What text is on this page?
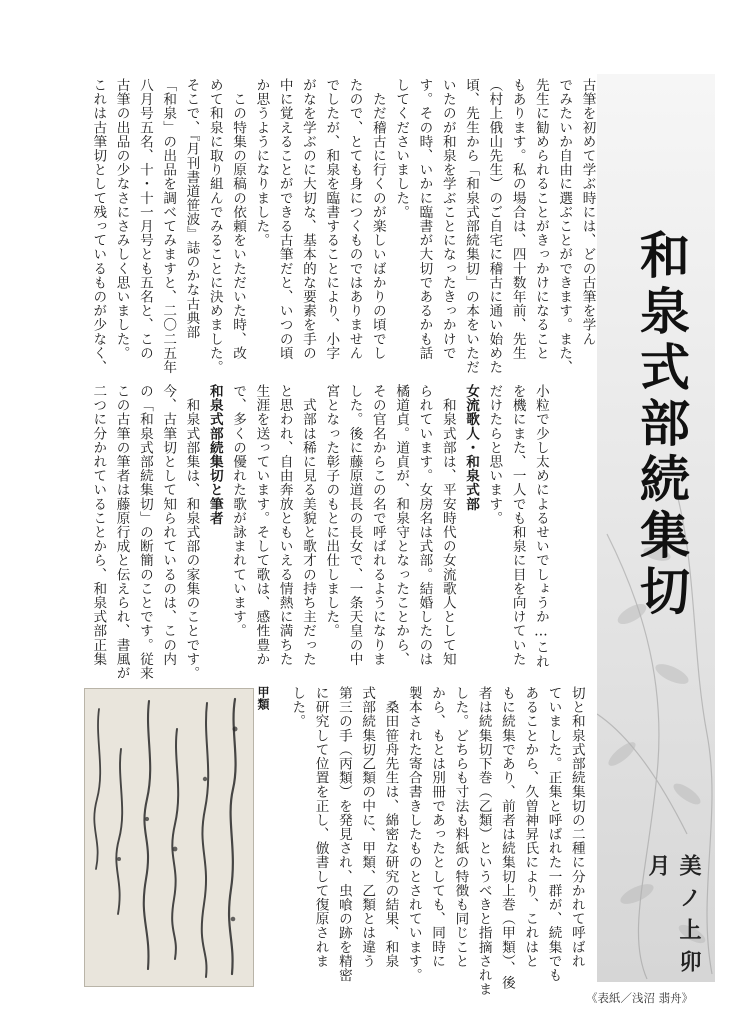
和泉式部続集切
美ノ上卯月
古筆を初めて学ぶ時には、どの古筆を学ん
でみたいか自由に選ぶことができます。また、
先生に勧められることがきっかけになること
もあります。私の場合は、四十数年前、先生
（村上俄山先生）のご自宅に稽古に通い始めた
頃、先生から「和泉式部続集切」の本をいただ
いたのが和泉を学ぶことになったきっかけで
す。その時、いかに臨書が大切であるかも話
してくださいました。
　ただ稽古に行くのが楽しいばかりの頃でし
たので、とても身につくものではありません
でしたが、和泉を臨書することにより、小字
がなを学ぶのに大切な、基本的な要素を手の
中に覚えることができる古筆だと、いつの頃
か思うようになりました。
　この特集の原稿の依頼をいただいた時、改
めて和泉に取り組んでみることに決めました。
そこで、『月刊書道笹波』誌のかな古典部
「和泉」の出品を調べてみますと、二〇二五年
八月号五名、十・十一月号とも五名と、この
古筆の出品の少なさにさみしく思いました。
これは古筆切として残っているものが少なく、
小粒で少し太めによるせいでしょうか…これ
を機にまた、一人でも和泉に目を向けていた
だけたらと思います。
女流歌人・和泉式部
　和泉式部は、平安時代の女流歌人として知
られています。女房名は式部。結婚したのは
橘道貞。道貞が、和泉守となったことから、
その官名からこの名で呼ばれるようになりま
した。後に藤原道長の長女で、一条天皇の中
宮となった彰子のもとに出仕しました。
　式部は稀に見る美貌と歌才の持ち主だった
と思われ、自由奔放ともいえる情熱に満ちた
生涯を送っています。そして歌は、感性豊か
で、多くの優れた歌が詠まれています。
和泉式部続集切と筆者
　和泉式部集は、和泉式部の家集のことです。
今、古筆切として知られているのは、この内
の「和泉式部続集切」の断簡のことです。従来
この古筆の筆者は藤原行成と伝えられ、書風が
二つに分かれていることから、和泉式部正集
切と和泉式部続集切の二種に分かれて呼ばれ
ていました。正集と呼ばれた一群が、続集でも
あることから、久曽神昇氏により、これはと
もに続集であり、前者は続集切上巻（甲類）、後
者は続集切下巻（乙類）というべきと指摘されま
した。どちらも寸法も料紙の特徴も同じこと
から、もとは別冊であったとしても、同時に
製本された寄合書きしたものとされています。
　桑田笹舟先生は、綿密な研究の結果、和泉
式部続集切乙類の中に、甲類、乙類とは違う
第三の手（丙類）を発見され、虫喰の跡を精密
に研究して位置を正し、倣書して復原されま
した。
甲類
《表紙／浅沼 翡舟》
